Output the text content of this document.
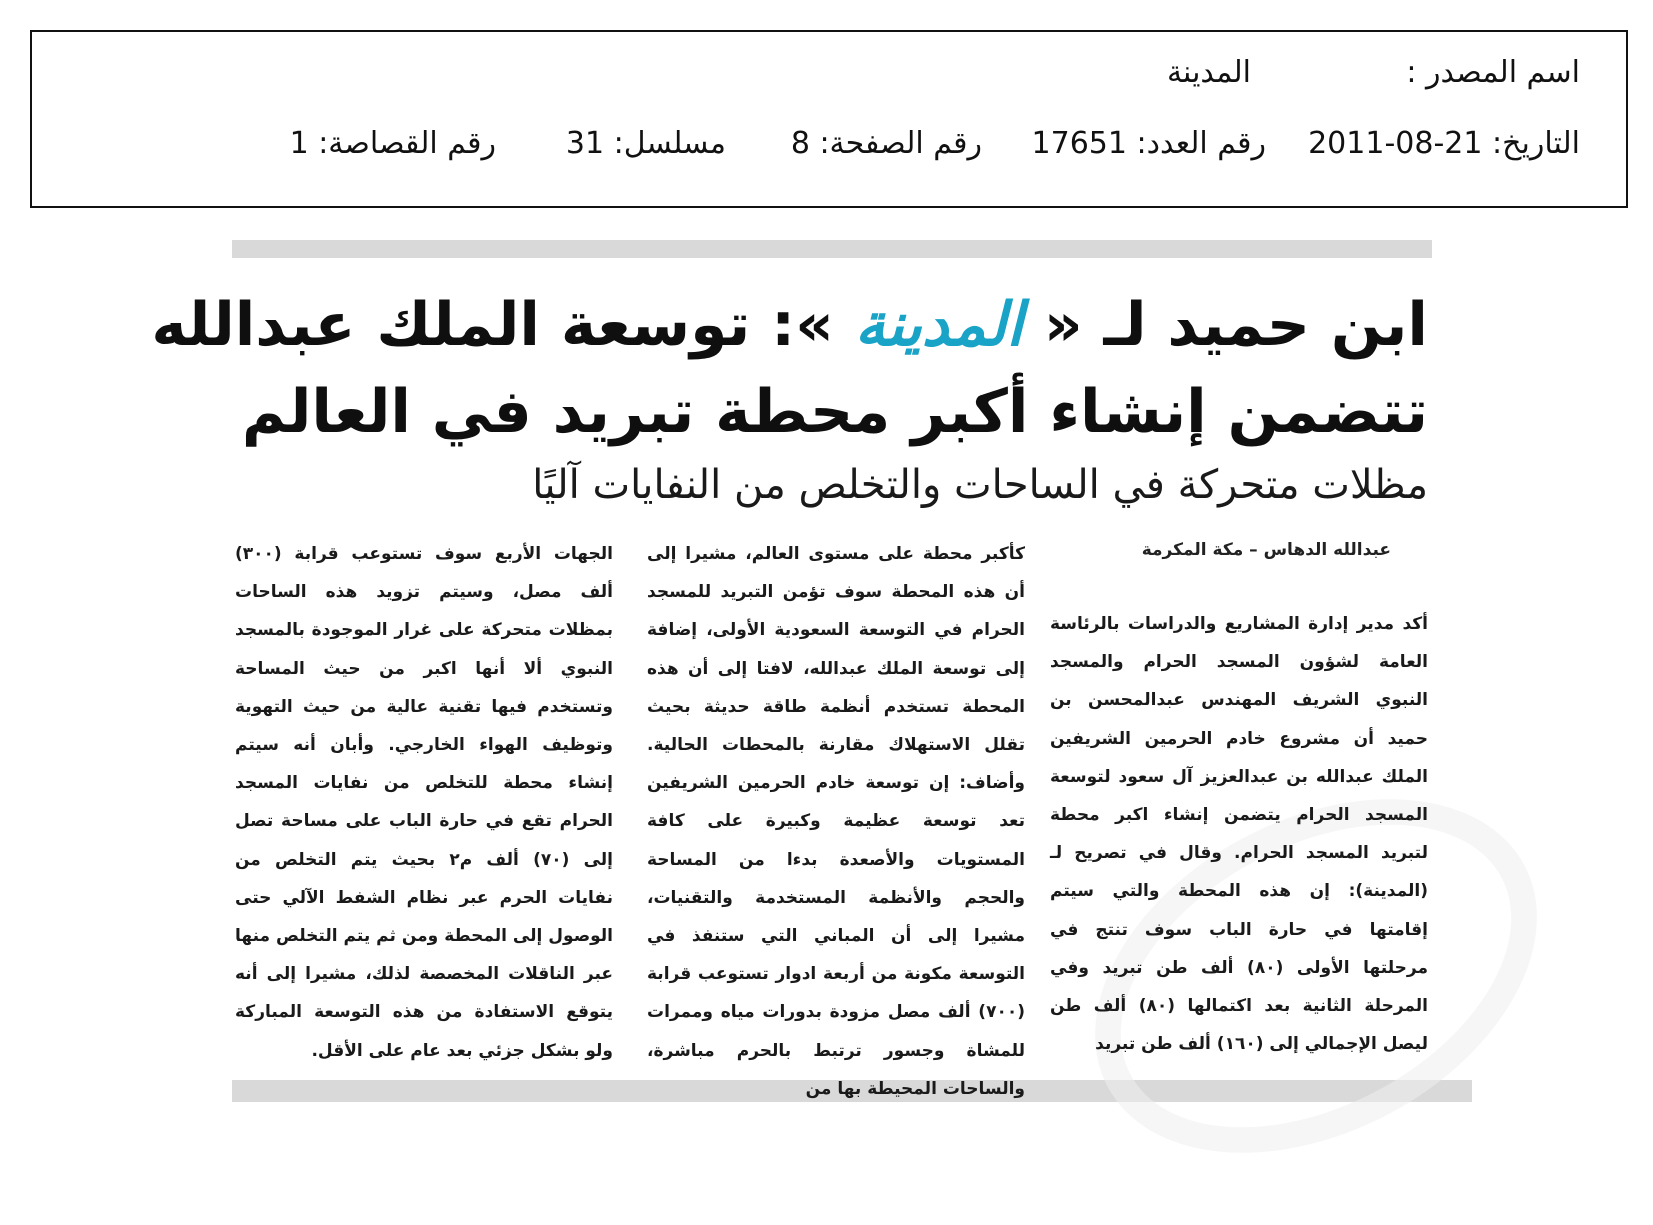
اسم المصدر :
المدينة
التاريخ: 21-08-2011
رقم العدد: 17651
رقم الصفحة: 8
مسلسل: 31
رقم القصاصة: 1
ابن حميد لـ « المدينة »: توسعة الملك عبدالله
تتضمن إنشاء أكبر محطة تبريد في العالم
مظلات متحركة في الساحات والتخلص من النفايات آليًا
عبدالله الدهاس – مكة المكرمة

أكد مدير إدارة المشاريع والدراسات بالرئاسة العامة لشؤون المسجد الحرام والمسجد النبوي الشريف المهندس عبدالمحسن بن حميد أن مشروع خادم الحرمين الشريفين الملك عبدالله بن عبدالعزيز آل سعود لتوسعة المسجد الحرام يتضمن إنشاء اكبر محطة لتبريد المسجد الحرام. وقال في تصريح لـ (المدينة): إن هذه المحطة والتي سيتم إقامتها في حارة الباب سوف تنتج في مرحلتها الأولى (٨٠) ألف طن تبريد وفي المرحلة الثانية بعد اكتمالها (٨٠) ألف طن ليصل الإجمالي إلى (١٦٠) ألف طن تبريد

كأكبر محطة على مستوى العالم، مشيرا إلى أن هذه المحطة سوف تؤمن التبريد للمسجد الحرام في التوسعة السعودية الأولى، إضافة إلى توسعة الملك عبدالله، لافتا إلى أن هذه المحطة تستخدم أنظمة طاقة حديثة بحيث تقلل الاستهلاك مقارنة بالمحطات الحالية. وأضاف: إن توسعة خادم الحرمين الشريفين تعد توسعة عظيمة وكبيرة على كافة المستويات والأصعدة بدءا من المساحة والحجم والأنظمة المستخدمة والتقنيات، مشيرا إلى أن المباني التي ستنفذ في التوسعة مكونة من أربعة ادوار تستوعب قرابة (٧٠٠) ألف مصل مزودة بدورات مياه وممرات للمشاة وجسور ترتبط بالحرم مباشرة، والساحات المحيطة بها من

الجهات الأربع سوف تستوعب قرابة (٣٠٠) ألف مصل، وسيتم تزويد هذه الساحات بمظلات متحركة على غرار الموجودة بالمسجد النبوي ألا أنها اكبر من حيث المساحة وتستخدم فيها تقنية عالية من حيث التهوية وتوظيف الهواء الخارجي. وأبان أنه سيتم إنشاء محطة للتخلص من نفايات المسجد الحرام تقع في حارة الباب على مساحة تصل إلى (٧٠) ألف م٢ بحيث يتم التخلص من نفايات الحرم عبر نظام الشفط الآلي حتى الوصول إلى المحطة ومن ثم يتم التخلص منها عبر الناقلات المخصصة لذلك، مشيرا إلى أنه يتوقع الاستفادة من هذه التوسعة المباركة ولو بشكل جزئي بعد عام على الأقل.
